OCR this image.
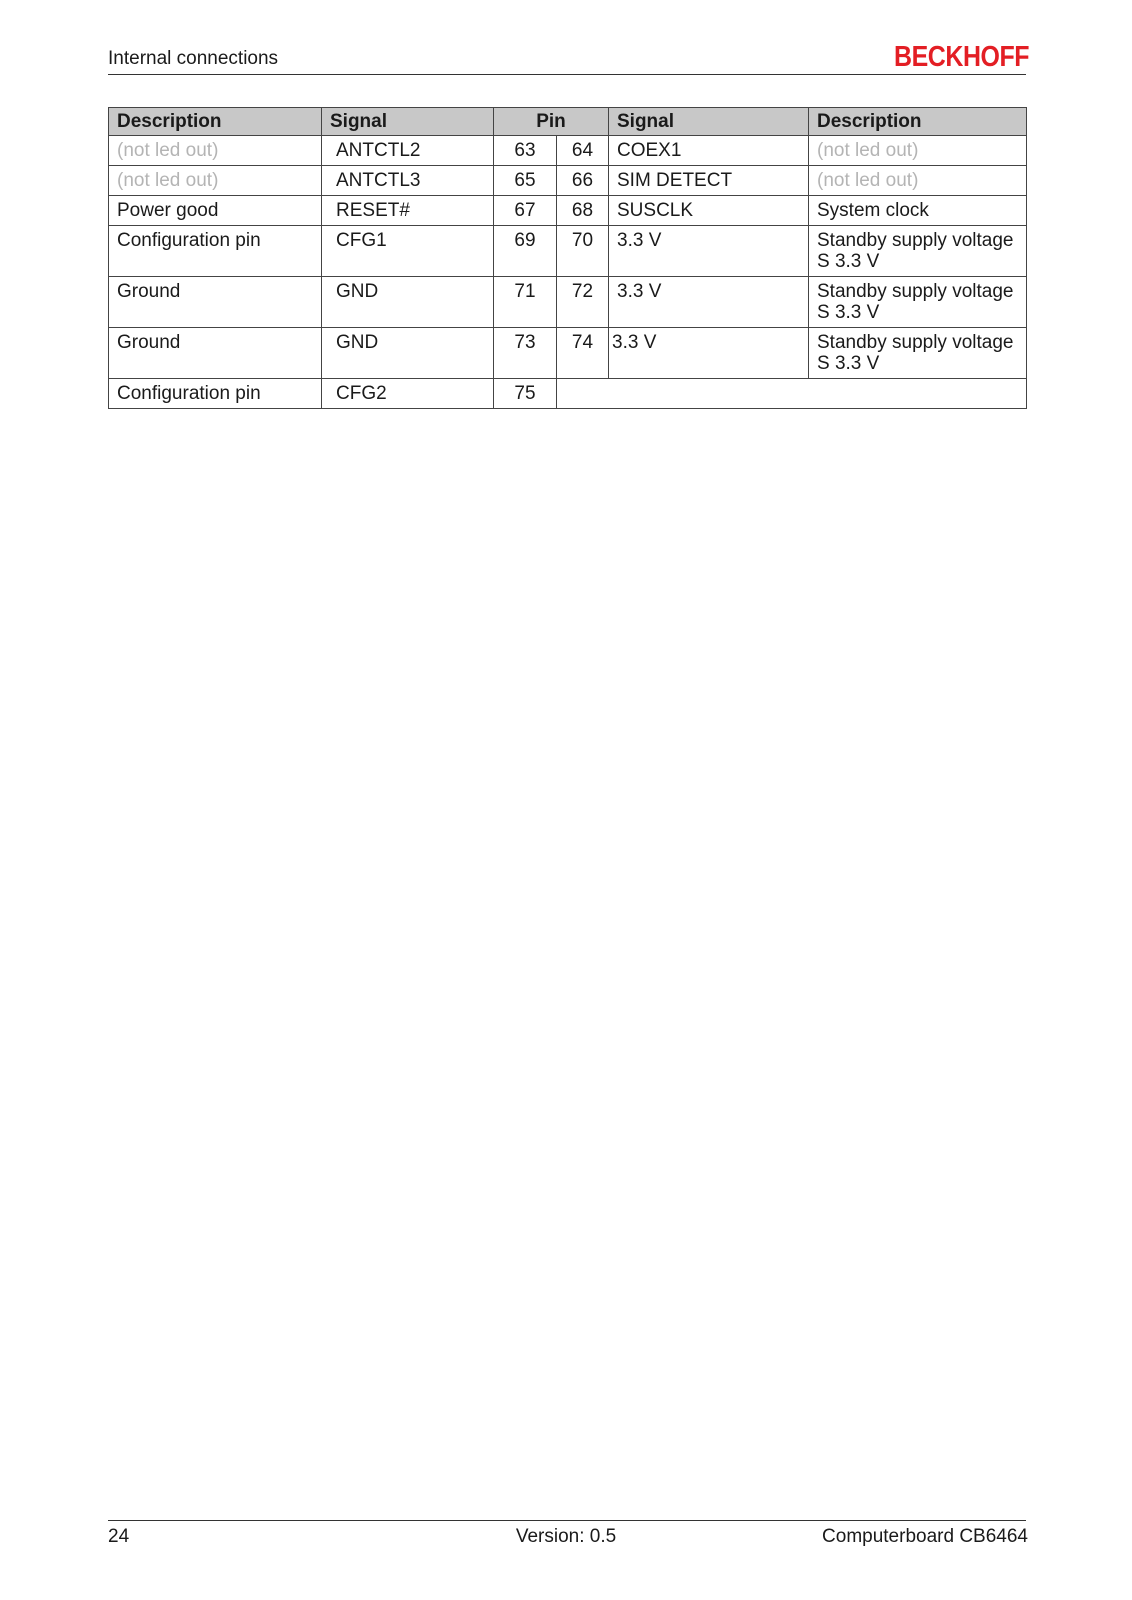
Internal connections	BECKHOFF
Description	Signal	Pin		Signal	Description
(not led out)	ANTCTL2	63	64	COEX1	(not led out)
(not led out)	ANTCTL3	65	66	SIM DETECT	(not led out)
Power good	RESET#	67	68	SUSCLK	System clock
Configuration pin	CFG1	69	70	3.3 V	Standby supply voltage S 3.3 V
Ground	GND	71	72	3.3 V	Standby supply voltage S 3.3 V
Ground	GND	73	74	3.3 V	Standby supply voltage S 3.3 V
Configuration pin	CFG2	75			
24	Version: 0.5	Computerboard CB6464
